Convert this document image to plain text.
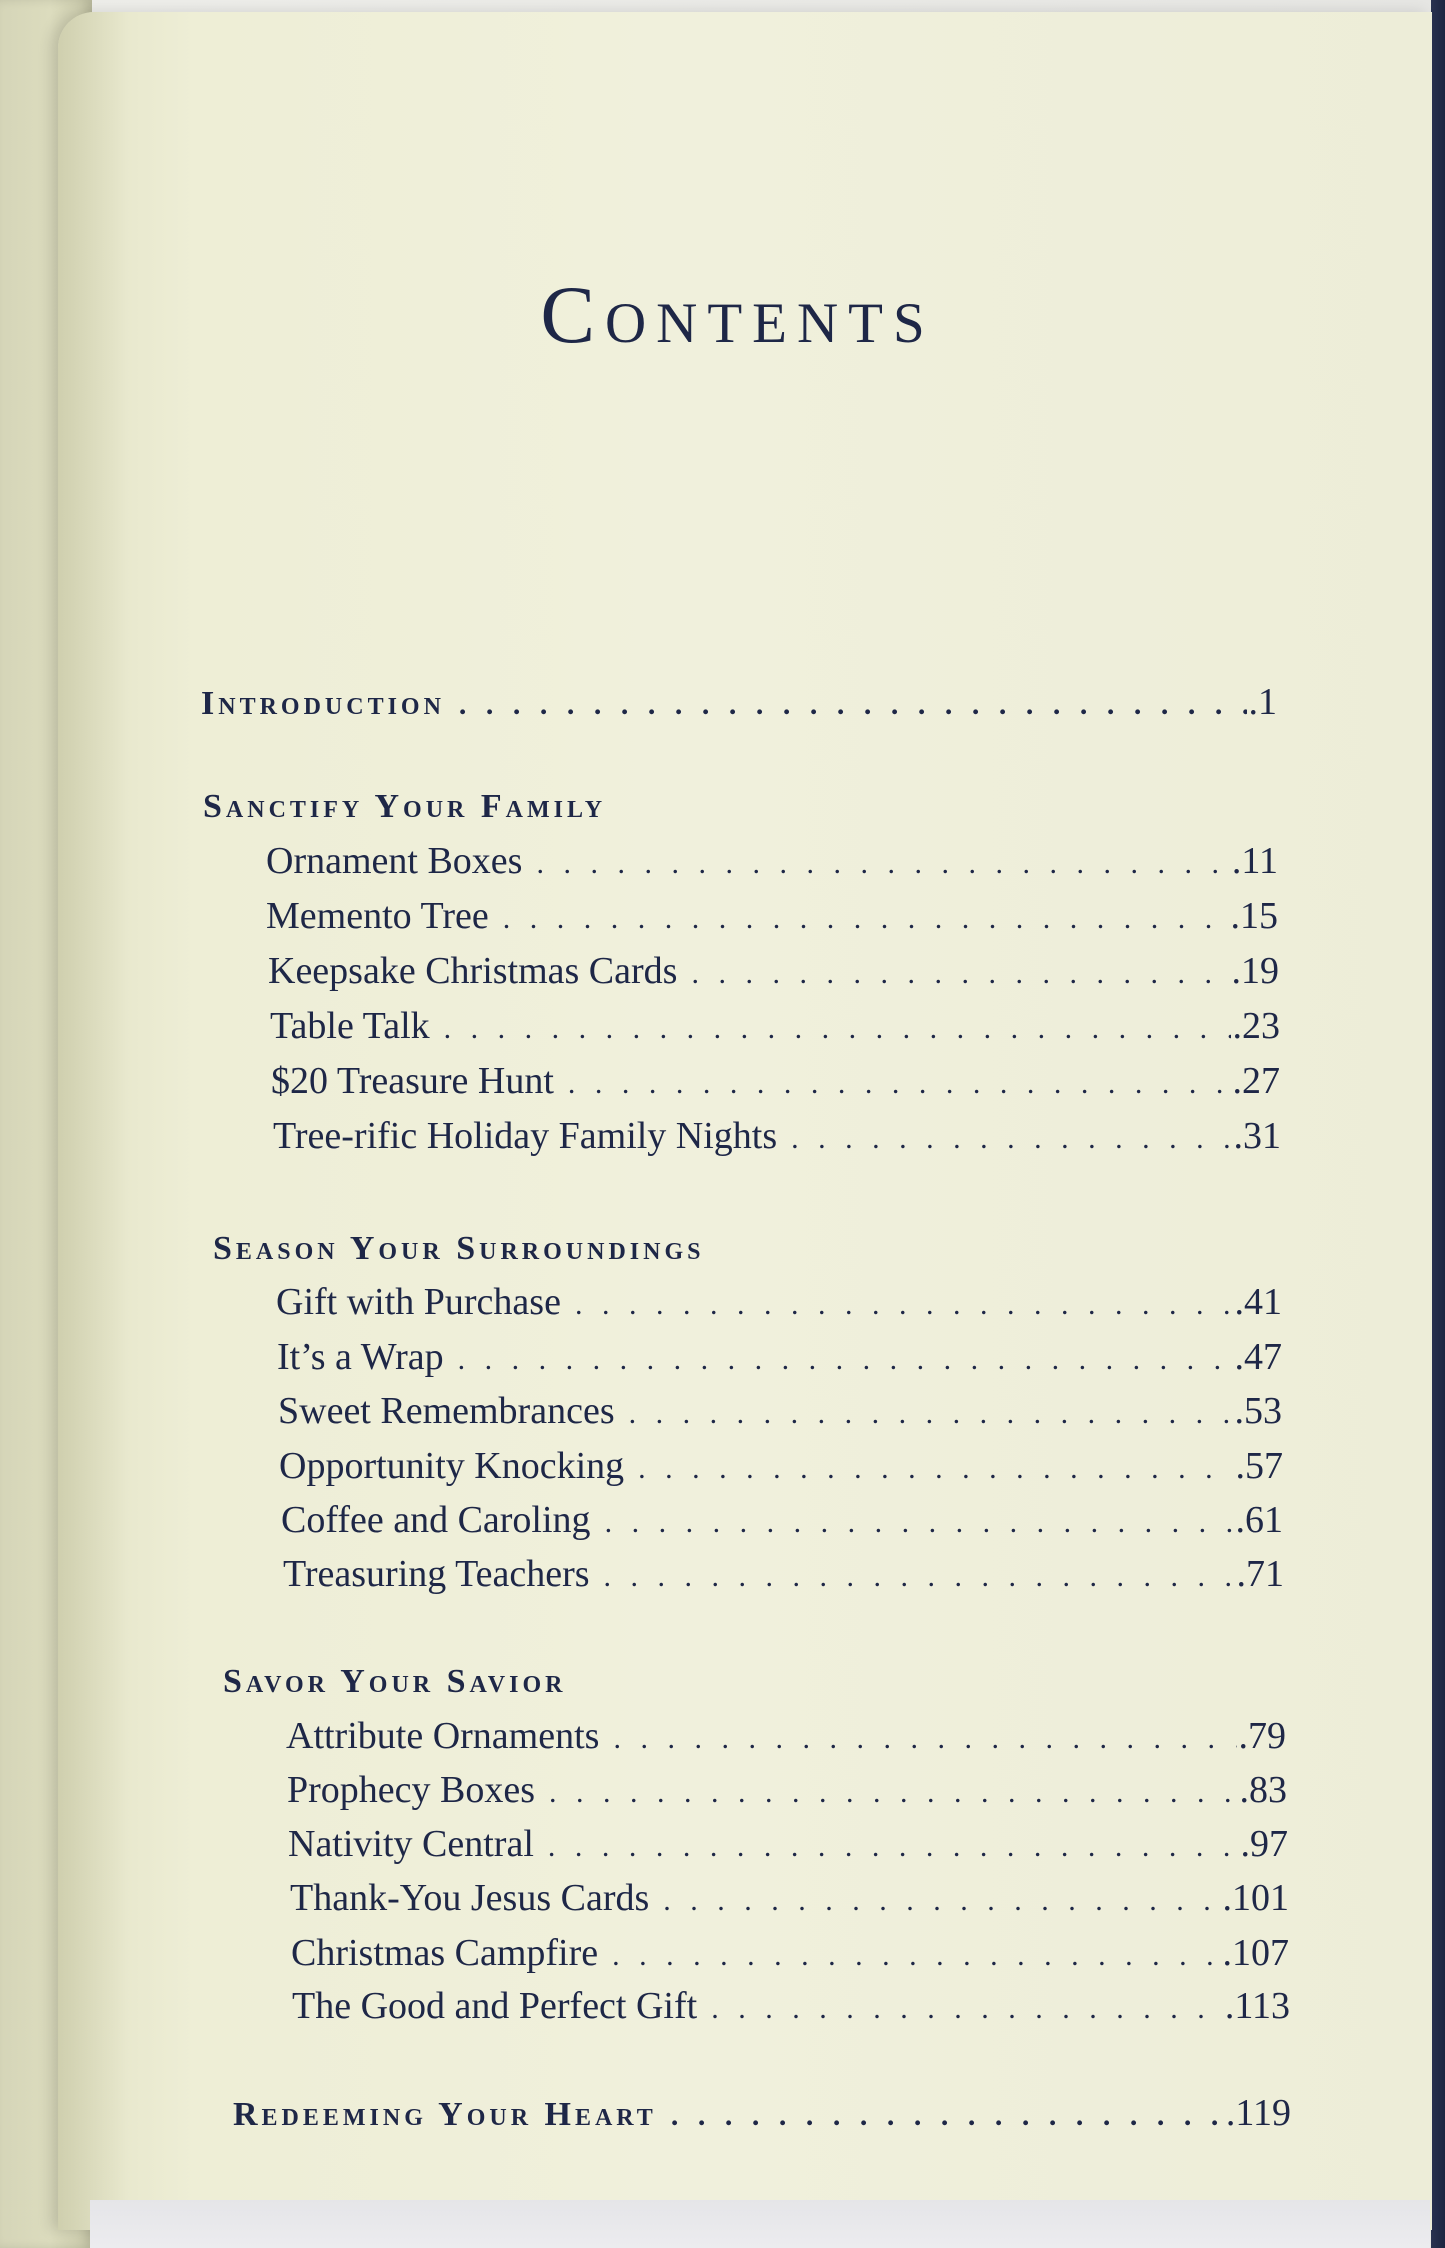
Contents
Introduction . . .	.1
Sanctify Your Family
Ornament Boxes . . .	.11
Memento Tree . . .	.15
Keepsake Christmas Cards . . .	.19
Table Talk . . .	.23
$20 Treasure Hunt . . .	.27
Tree-rific Holiday Family Nights . . .	.31
Season Your Surroundings
Gift with Purchase . . .	.41
It’s a Wrap . . .	.47
Sweet Remembrances . . .	.53
Opportunity Knocking . . .	.57
Coffee and Caroling . . .	.61
Treasuring Teachers . . .	.71
Savor Your Savior
Attribute Ornaments . . .	.79
Prophecy Boxes . . .	.83
Nativity Central . . .	.97
Thank-You Jesus Cards . . .	.101
Christmas Campfire . . .	.107
The Good and Perfect Gift . . .	.113
Redeeming Your Heart . . .	.119
